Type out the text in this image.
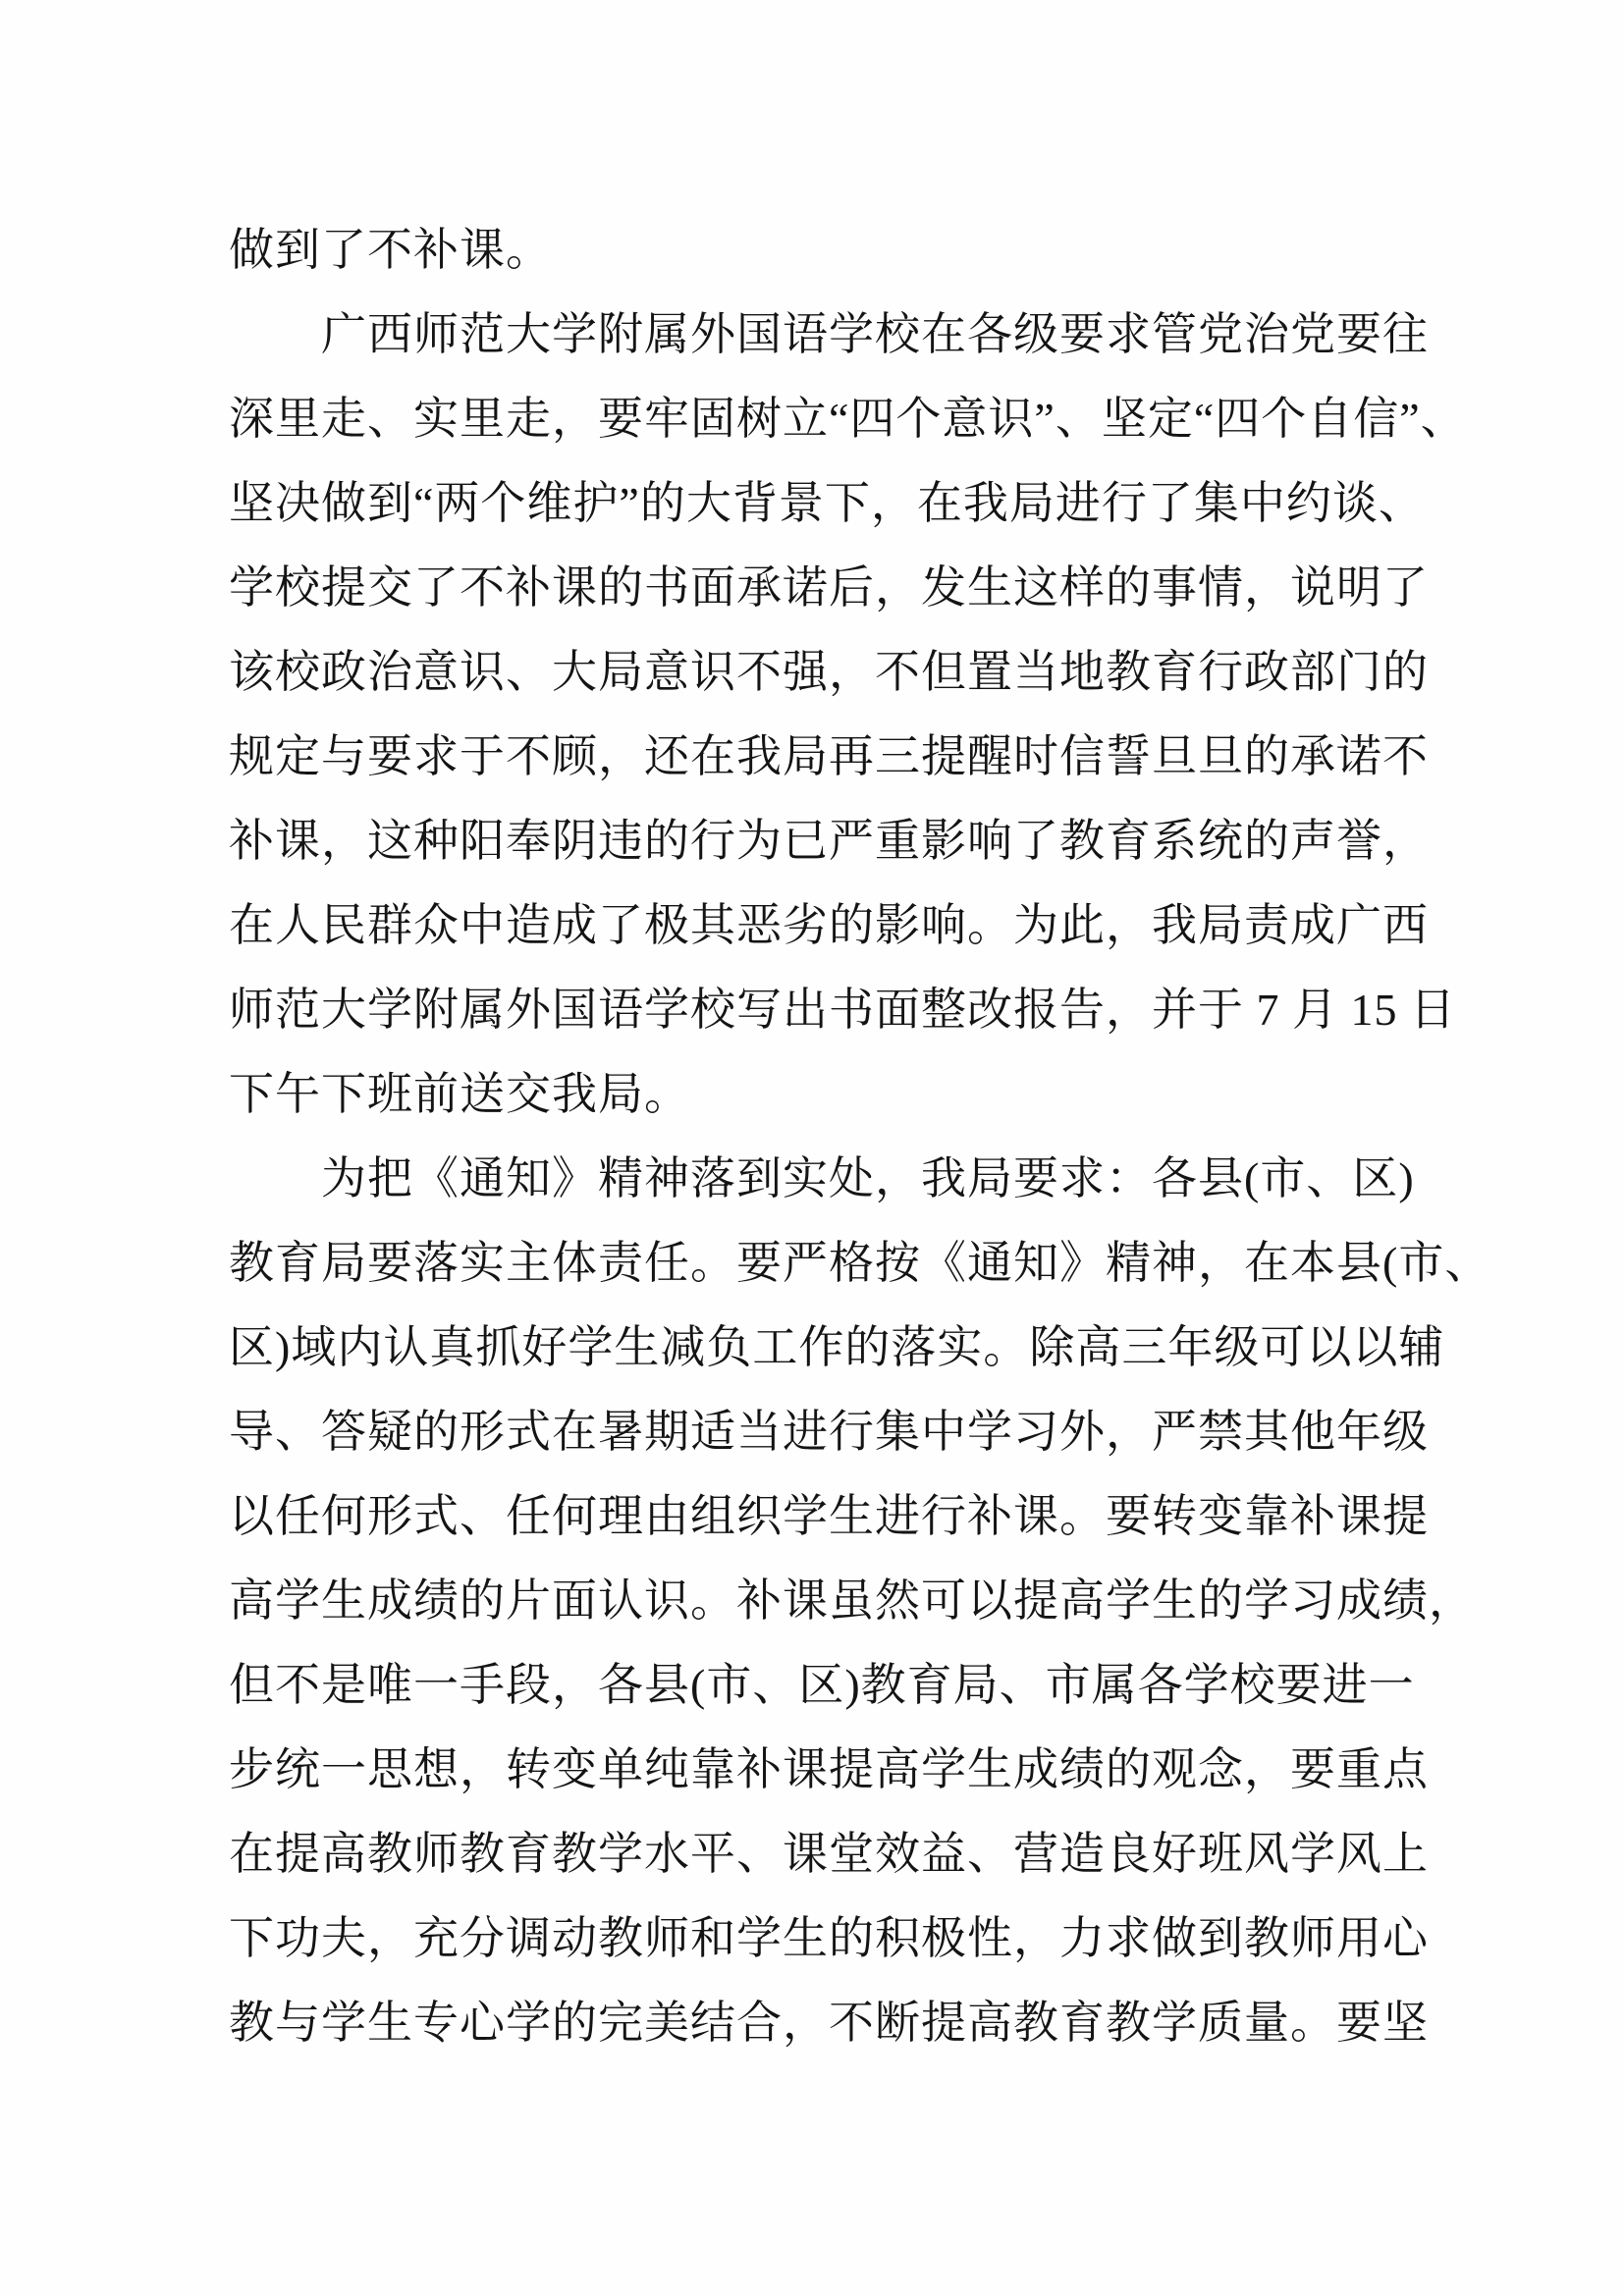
做到了不补课。
广西师范大学附属外国语学校在各级要求管党治党要往
深里走、实里走，要牢固树立“四个意识”、坚定“四个自信”、
坚决做到“两个维护”的大背景下，在我局进行了集中约谈、
学校提交了不补课的书面承诺后，发生这样的事情，说明了
该校政治意识、大局意识不强，不但置当地教育行政部门的
规定与要求于不顾，还在我局再三提醒时信誓旦旦的承诺不
补课，这种阳奉阴违的行为已严重影响了教育系统的声誉，
在人民群众中造成了极其恶劣的影响。为此，我局责成广西
师范大学附属外国语学校写出书面整改报告，并于 7 月 15 日
下午下班前送交我局。
为把《通知》精神落到实处，我局要求：各县(市、区)
教育局要落实主体责任。要严格按《通知》精神，在本县(市、
区)域内认真抓好学生减负工作的落实。除高三年级可以以辅
导、答疑的形式在暑期适当进行集中学习外，严禁其他年级
以任何形式、任何理由组织学生进行补课。要转变靠补课提
高学生成绩的片面认识。补课虽然可以提高学生的学习成绩，
但不是唯一手段，各县(市、区)教育局、市属各学校要进一
步统一思想，转变单纯靠补课提高学生成绩的观念，要重点
在提高教师教育教学水平、课堂效益、营造良好班风学风上
下功夫，充分调动教师和学生的积极性，力求做到教师用心
教与学生专心学的完美结合，不断提高教育教学质量。要坚
